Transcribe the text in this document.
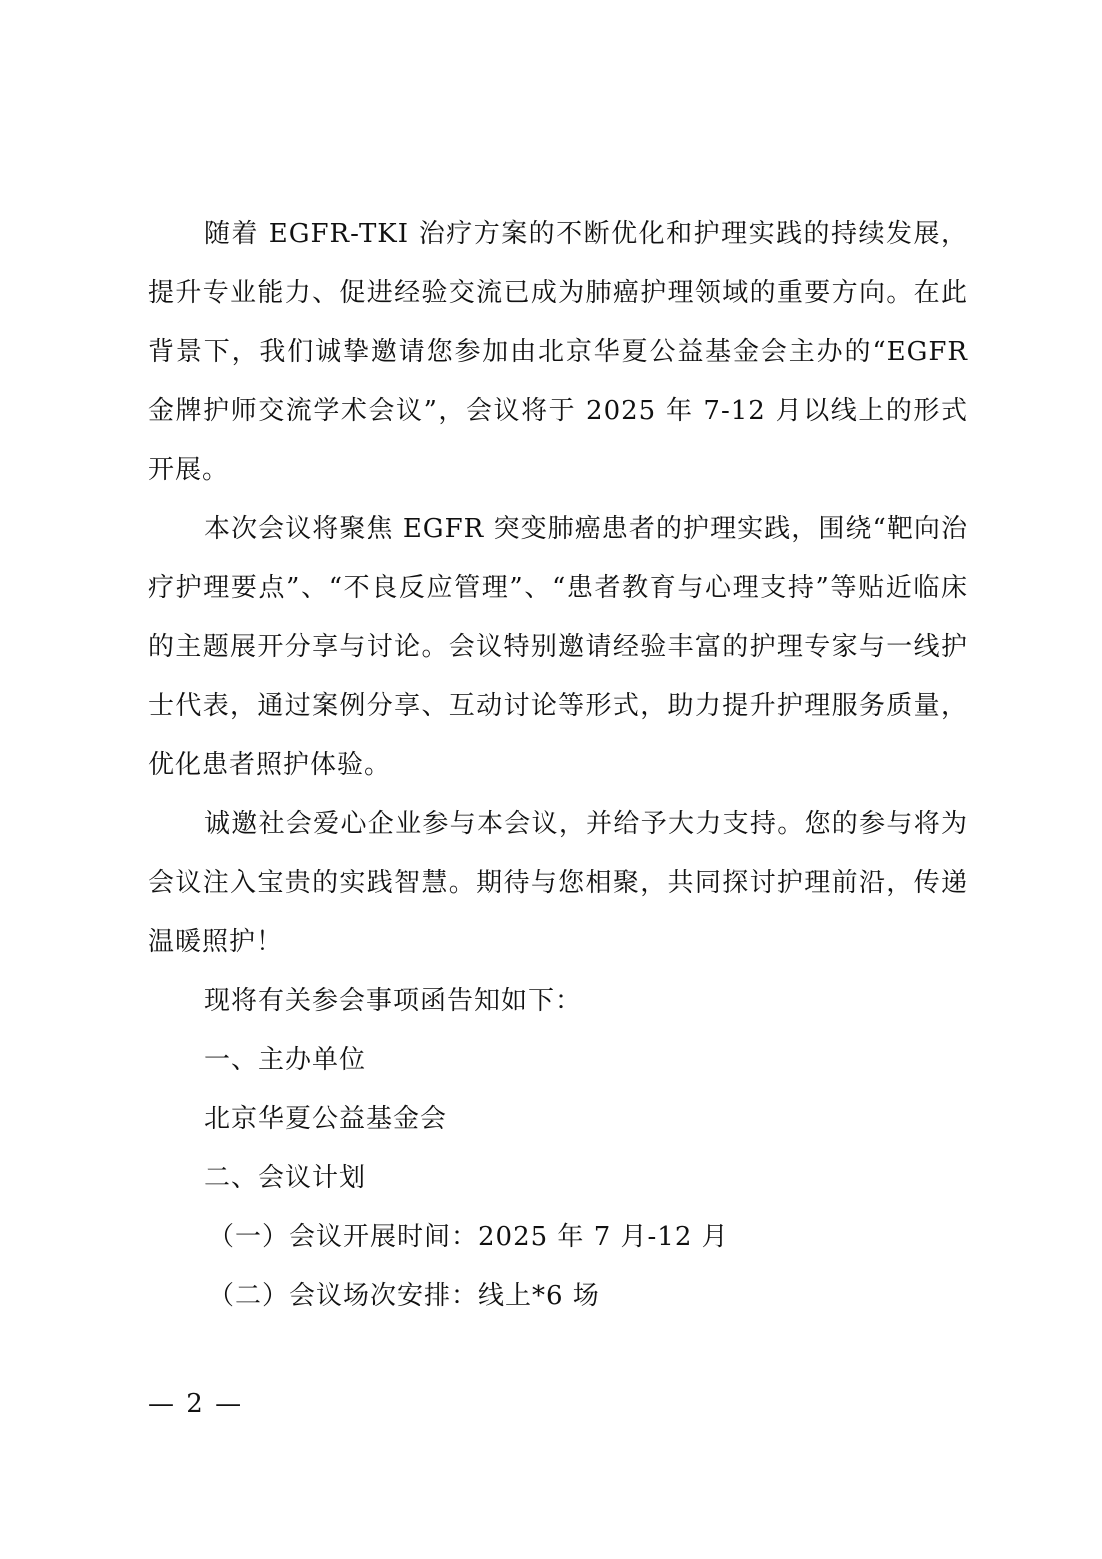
随着 EGFR-TKI 治疗方案的不断优化和护理实践的持续发展，提升专业能力、促进经验交流已成为肺癌护理领域的重要方向。在此背景下，我们诚挚邀请您参加由北京华夏公益基金会主办的“EGFR 金牌护师交流学术会议”，会议将于 2025 年 7-12 月以线上的形式开展。

本次会议将聚焦 EGFR 突变肺癌患者的护理实践，围绕“靶向治疗护理要点”、“不良反应管理”、“患者教育与心理支持”等贴近临床的主题展开分享与讨论。会议特别邀请经验丰富的护理专家与一线护士代表，通过案例分享、互动讨论等形式，助力提升护理服务质量，优化患者照护体验。

诚邀社会爱心企业参与本会议，并给予大力支持。您的参与将为会议注入宝贵的实践智慧。期待与您相聚，共同探讨护理前沿，传递温暖照护！

现将有关参会事项函告知如下：

一、主办单位

北京华夏公益基金会

二、会议计划

（一）会议开展时间：2025 年 7 月-12 月

（二）会议场次安排：线上*6 场

— 2 —
